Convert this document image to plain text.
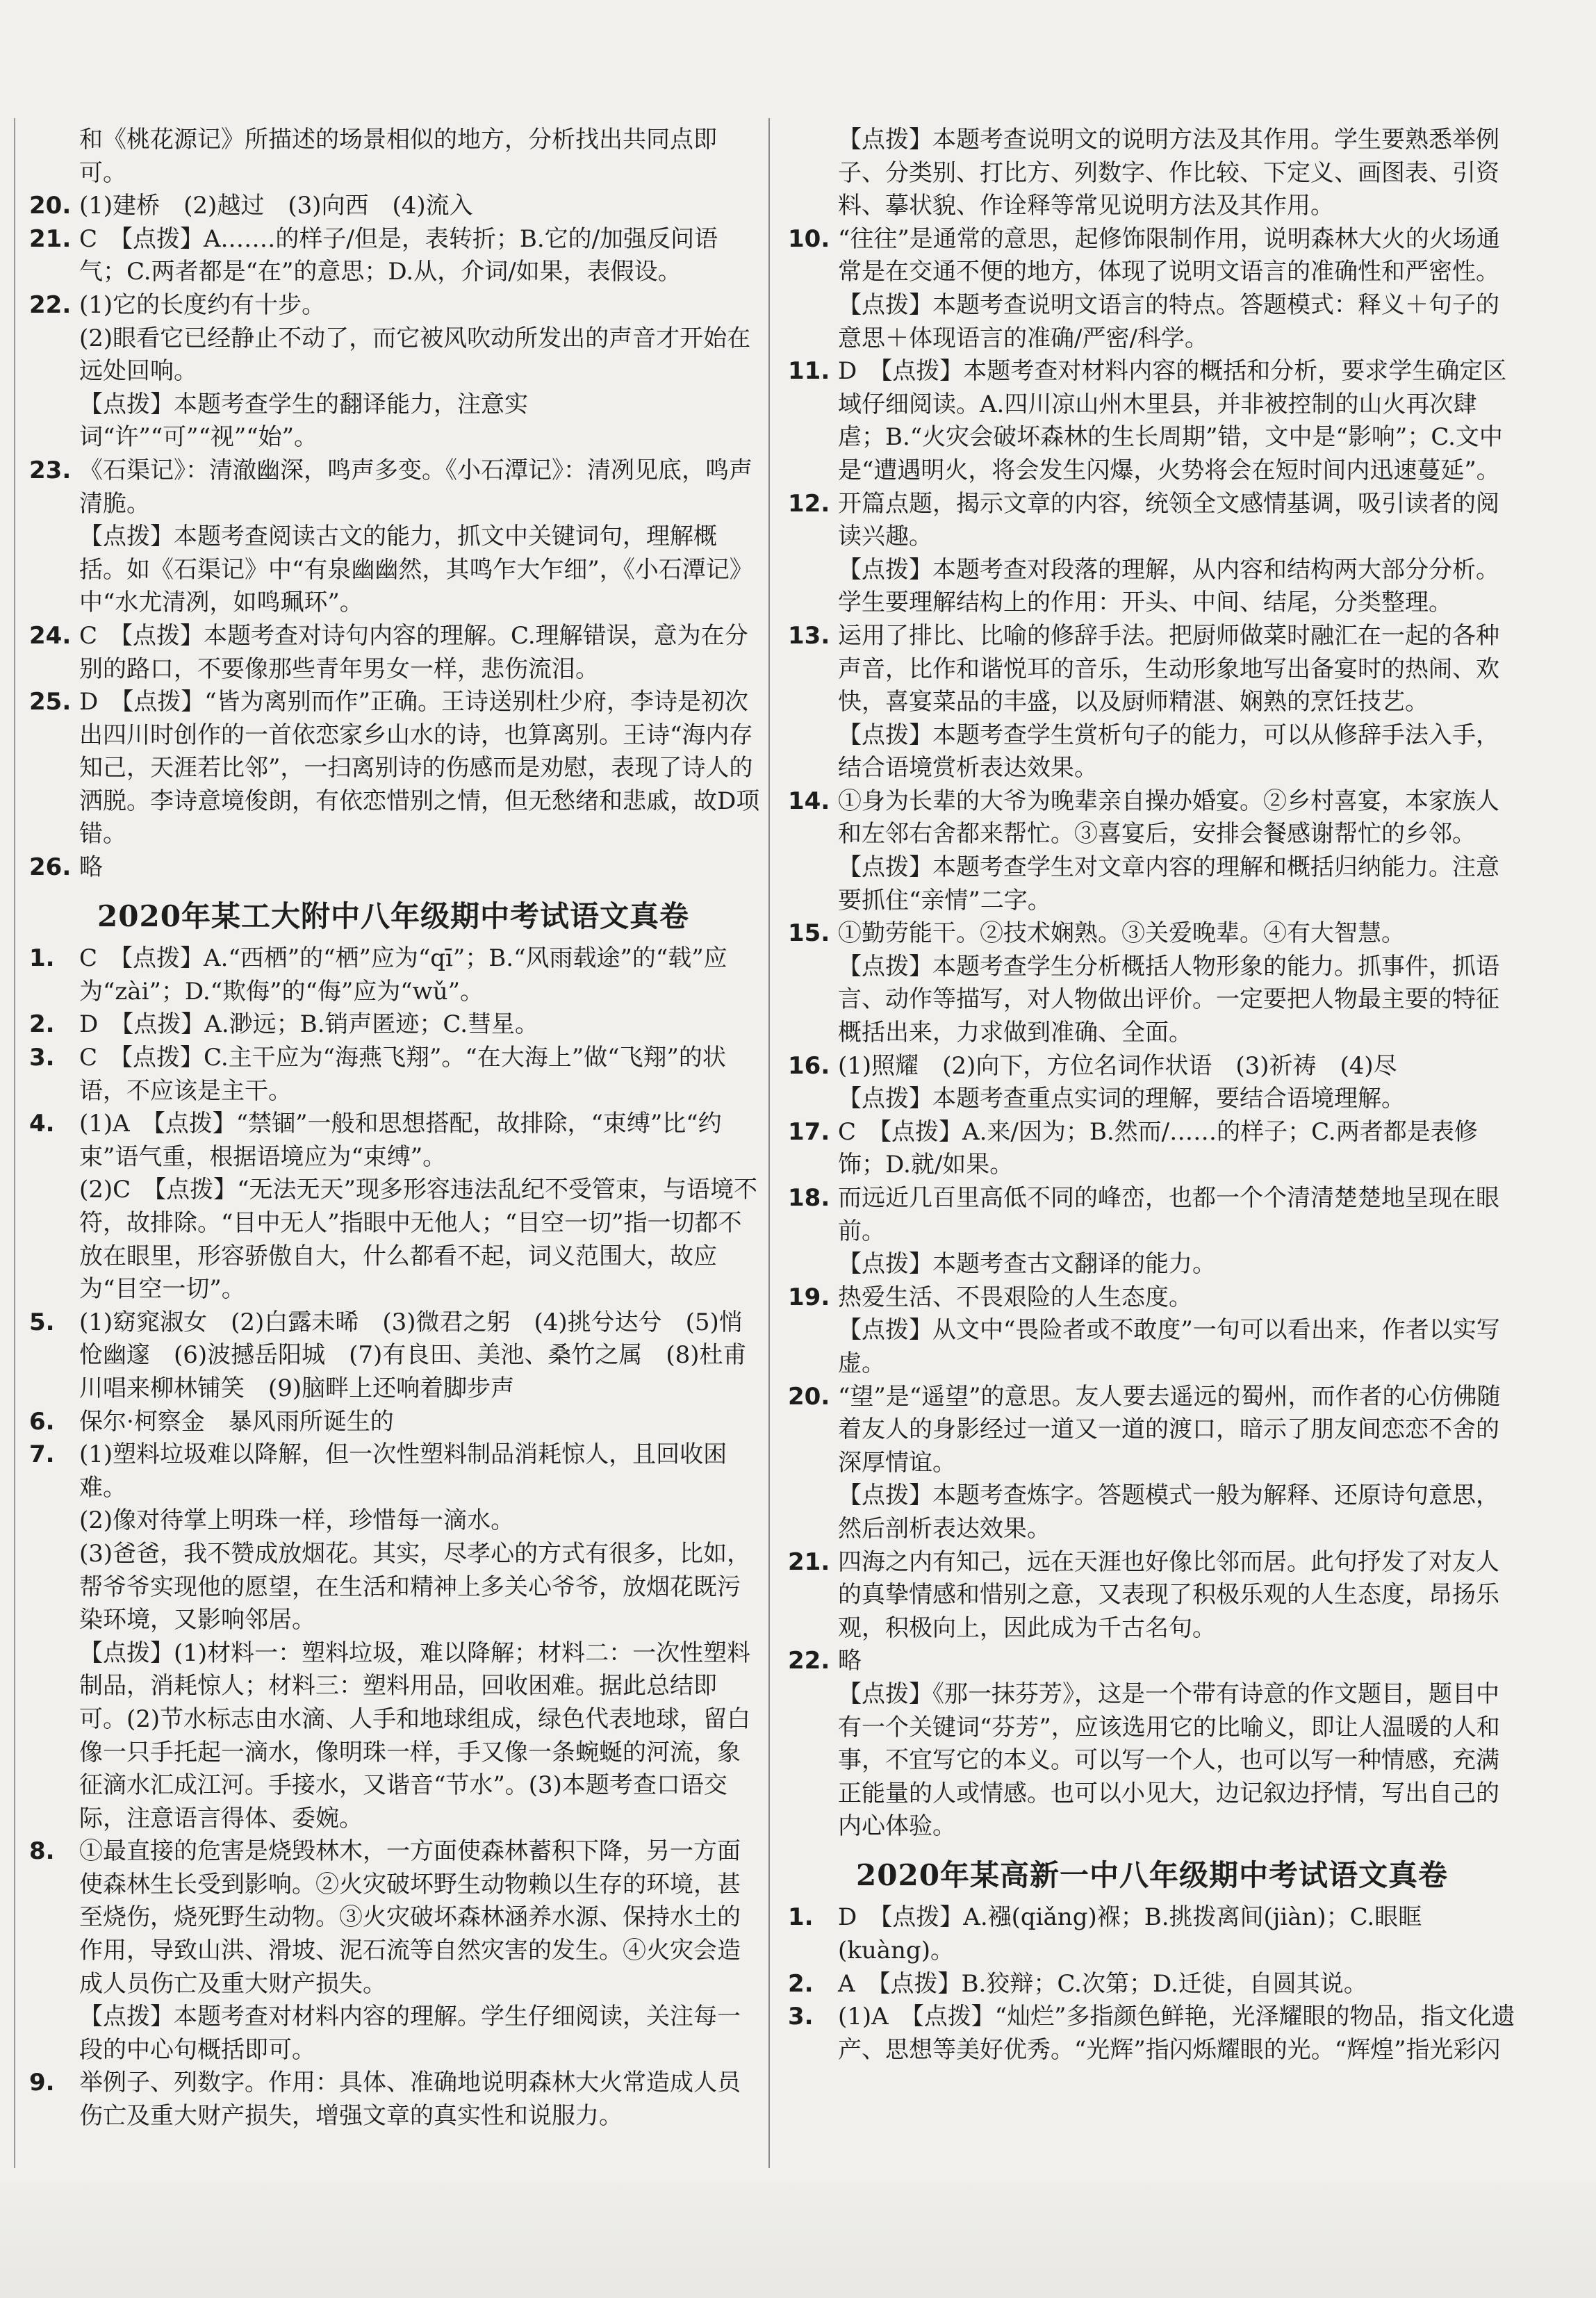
和《桃花源记》所描述的场景相似的地方，分析找出共同点即可。
20. (1)建桥　(2)越过　(3)向西　(4)流入
21. C　【点拨】A.……的样子/但是，表转折；B.它的/加强反问语气；C.两者都是“在”的意思；D.从，介词/如果，表假设。
22. (1)它的长度约有十步。
(2)眼看它已经静止不动了，而它被风吹动所发出的声音才开始在远处回响。
【点拨】本题考查学生的翻译能力，注意实词“许”“可”“视”“始”。
23. 《石渠记》：清澈幽深，鸣声多变。《小石潭记》：清冽见底，鸣声清脆。
【点拨】本题考查阅读古文的能力，抓文中关键词句，理解概括。如《石渠记》中“有泉幽幽然，其鸣乍大乍细”，《小石潭记》中“水尤清冽，如鸣珮环”。
24. C　【点拨】本题考查对诗句内容的理解。C.理解错误，意为在分别的路口，不要像那些青年男女一样，悲伤流泪。
25. D　【点拨】“皆为离别而作”正确。王诗送别杜少府，李诗是初次出四川时创作的一首依恋家乡山水的诗，也算离别。王诗“海内存知己，天涯若比邻”，一扫离别诗的伤感而是劝慰，表现了诗人的洒脱。李诗意境俊朗，有依恋惜别之情，但无愁绪和悲戚，故D项错。
26. 略
2020年某工大附中八年级期中考试语文真卷
1. C　【点拨】A.“西栖”的“栖”应为“qī”；B.“风雨载途”的“载”应为“zài”；D.“欺侮”的“侮”应为“wǔ”。
2. D　【点拨】A.渺远；B.销声匿迹；C.彗星。
3. C　【点拨】C.主干应为“海燕飞翔”。“在大海上”做“飞翔”的状语，不应该是主干。
4. (1)A　【点拨】“禁锢”一般和思想搭配，故排除，“束缚”比“约束”语气重，根据语境应为“束缚”。
(2)C　【点拨】“无法无天”现多形容违法乱纪不受管束，与语境不符，故排除。“目中无人”指眼中无他人；“目空一切”指一切都不放在眼里，形容骄傲自大，什么都看不起，词义范围大，故应为“目空一切”。
5. (1)窈窕淑女　(2)白露未晞　(3)微君之躬　(4)挑兮达兮　(5)悄怆幽邃　(6)波撼岳阳城　(7)有良田、美池、桑竹之属　(8)杜甫川唱来柳林铺笑　(9)脑畔上还响着脚步声
6. 保尔·柯察金　暴风雨所诞生的
7. (1)塑料垃圾难以降解，但一次性塑料制品消耗惊人，且回收困难。
(2)像对待掌上明珠一样，珍惜每一滴水。
(3)爸爸，我不赞成放烟花。其实，尽孝心的方式有很多，比如，帮爷爷实现他的愿望，在生活和精神上多关心爷爷，放烟花既污染环境，又影响邻居。
【点拨】(1)材料一：塑料垃圾，难以降解；材料二：一次性塑料制品，消耗惊人；材料三：塑料用品，回收困难。据此总结即可。(2)节水标志由水滴、人手和地球组成，绿色代表地球，留白像一只手托起一滴水，像明珠一样，手又像一条蜿蜒的河流，象征滴水汇成江河。手接水，又谐音“节水”。(3)本题考查口语交际，注意语言得体、委婉。
8. ①最直接的危害是烧毁林木，一方面使森林蓄积下降，另一方面使森林生长受到影响。②火灾破坏野生动物赖以生存的环境，甚至烧伤，烧死野生动物。③火灾破坏森林涵养水源、保持水土的作用，导致山洪、滑坡、泥石流等自然灾害的发生。④火灾会造成人员伤亡及重大财产损失。
【点拨】本题考查对材料内容的理解。学生仔细阅读，关注每一段的中心句概括即可。
9. 举例子、列数字。作用：具体、准确地说明森林大火常造成人员伤亡及重大财产损失，增强文章的真实性和说服力。
【点拨】本题考查说明文的说明方法及其作用。学生要熟悉举例子、分类别、打比方、列数字、作比较、下定义、画图表、引资料、摹状貌、作诠释等常见说明方法及其作用。
10. “往往”是通常的意思，起修饰限制作用，说明森林大火的火场通常是在交通不便的地方，体现了说明文语言的准确性和严密性。
【点拨】本题考查说明文语言的特点。答题模式：释义＋句子的意思＋体现语言的准确/严密/科学。
11. D　【点拨】本题考查对材料内容的概括和分析，要求学生确定区域仔细阅读。A.四川凉山州木里县，并非被控制的山火再次肆虐；B.“火灾会破坏森林的生长周期”错，文中是“影响”；C.文中是“遭遇明火，将会发生闪爆，火势将会在短时间内迅速蔓延”。
12. 开篇点题，揭示文章的内容，统领全文感情基调，吸引读者的阅读兴趣。
【点拨】本题考查对段落的理解，从内容和结构两大部分分析。学生要理解结构上的作用：开头、中间、结尾，分类整理。
13. 运用了排比、比喻的修辞手法。把厨师做菜时融汇在一起的各种声音，比作和谐悦耳的音乐，生动形象地写出备宴时的热闹、欢快，喜宴菜品的丰盛，以及厨师精湛、娴熟的烹饪技艺。
【点拨】本题考查学生赏析句子的能力，可以从修辞手法入手，结合语境赏析表达效果。
14. ①身为长辈的大爷为晚辈亲自操办婚宴。②乡村喜宴，本家族人和左邻右舍都来帮忙。③喜宴后，安排会餐感谢帮忙的乡邻。
【点拨】本题考查学生对文章内容的理解和概括归纳能力。注意要抓住“亲情”二字。
15. ①勤劳能干。②技术娴熟。③关爱晚辈。④有大智慧。
【点拨】本题考查学生分析概括人物形象的能力。抓事件，抓语言、动作等描写，对人物做出评价。一定要把人物最主要的特征概括出来，力求做到准确、全面。
16. (1)照耀　(2)向下，方位名词作状语　(3)祈祷　(4)尽
【点拨】本题考查重点实词的理解，要结合语境理解。
17. C　【点拨】A.来/因为；B.然而/……的样子；C.两者都是表修饰；D.就/如果。
18. 而远近几百里高低不同的峰峦，也都一个个清清楚楚地呈现在眼前。
【点拨】本题考查古文翻译的能力。
19. 热爱生活、不畏艰险的人生态度。
【点拨】从文中“畏险者或不敢度”一句可以看出来，作者以实写虚。
20. “望”是“遥望”的意思。友人要去遥远的蜀州，而作者的心仿佛随着友人的身影经过一道又一道的渡口，暗示了朋友间恋恋不舍的深厚情谊。
【点拨】本题考查炼字。答题模式一般为解释、还原诗句意思，然后剖析表达效果。
21. 四海之内有知己，远在天涯也好像比邻而居。此句抒发了对友人的真挚情感和惜别之意，又表现了积极乐观的人生态度，昂扬乐观，积极向上，因此成为千古名句。
22. 略
【点拨】《那一抹芬芳》，这是一个带有诗意的作文题目，题目中有一个关键词“芬芳”，应该选用它的比喻义，即让人温暖的人和事，不宜写它的本义。可以写一个人，也可以写一种情感，充满正能量的人或情感。也可以小见大，边记叙边抒情，写出自己的内心体验。
2020年某高新一中八年级期中考试语文真卷
1. D　【点拨】A.襁(qiǎng)褓；B.挑拨离间(jiàn)；C.眼眶(kuàng)。
2. A　【点拨】B.狡辩；C.次第；D.迁徙，自圆其说。
3. (1)A　【点拨】“灿烂”多指颜色鲜艳，光泽耀眼的物品，指文化遗产、思想等美好优秀。“光辉”指闪烁耀眼的光。“辉煌”指光彩闪
